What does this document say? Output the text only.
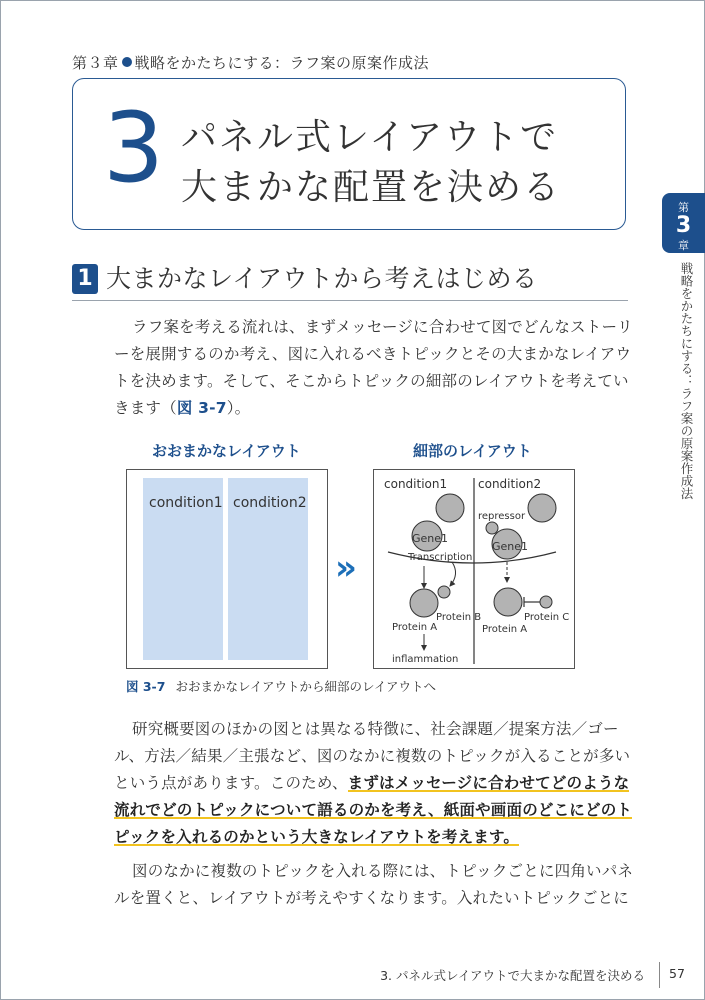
第３章 戦略をかたちにする：ラフ案の原案作成法
3 パネル式レイアウトで
大まかな配置を決める	第
3
章
戦略をかたちにする：ラフ案の原案作成法
1 大まかなレイアウトから考えはじめる
ラフ案を考える流れは、まずメッセージに合わせて図でどんなストーリーを展開するのか考え、図に入れるべきトピックとその大まかなレイアウトを決めます。そして、そこからトピックの細部のレイアウトを考えていきます（図 3-7）。
おおまかなレイアウト	細部のレイアウト
condition1 condition2
»
condition1	condition2
Gene1
repressor
Gene1
Transcription
Protein B
Protein A
Protein C
Protein A
inflammation
図 3-7 おおまかなレイアウトから細部のレイアウトへ
研究概要図のほかの図とは異なる特徴に、社会課題／提案方法／ゴール、方法／結果／主張など、図のなかに複数のトピックが入ることが多いという点があります。このため、まずはメッセージに合わせてどのような流れでどのトピックについて語るのかを考え、紙面や画面のどこにどのトピックを入れるのかという大きなレイアウトを考えます。
図のなかに複数のトピックを入れる際には、トピックごとに四角いパネルを置くと、レイアウトが考えやすくなります。入れたいトピックごとに
3. パネル式レイアウトで大まかな配置を決める 57
